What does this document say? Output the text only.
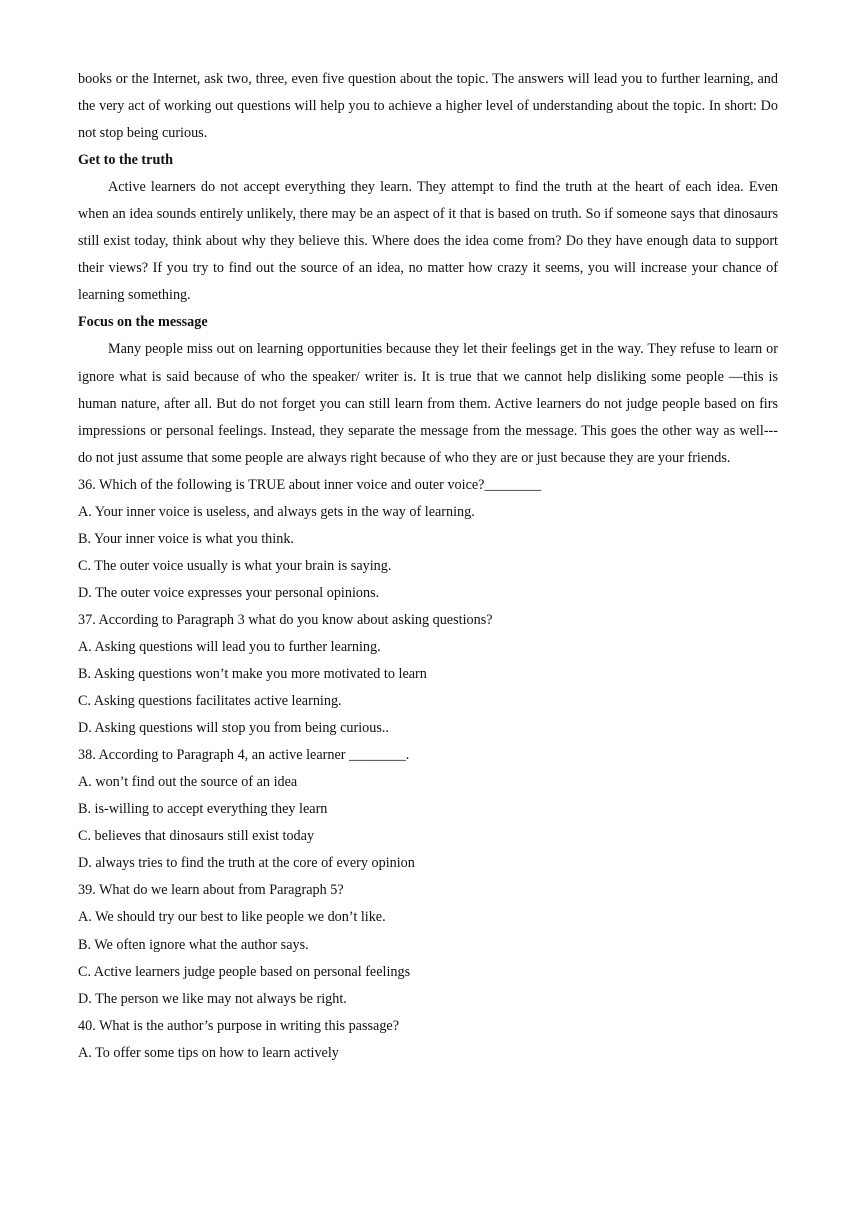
books or the Internet, ask two, three, even five question about the topic. The answers will lead you to further learning, and the very act of working out questions will help you to achieve a higher level of understanding about the topic. In short: Do not stop being curious.

Get to the truth

Active learners do not accept everything they learn. They attempt to find the truth at the heart of each idea. Even when an idea sounds entirely unlikely, there may be an aspect of it that is based on truth. So if someone says that dinosaurs still exist today, think about why they believe this. Where does the idea come from? Do they have enough data to support their views? If you try to find out the source of an idea, no matter how crazy it seems, you will increase your chance of learning something.

Focus on the message

Many people miss out on learning opportunities because they let their feelings get in the way. They refuse to learn or ignore what is said because of who the speaker/ writer is. It is true that we cannot help disliking some people —this is human nature, after all. But do not forget you can still learn from them. Active learners do not judge people based on firs impressions or personal feelings. Instead, they separate the message from the message. This goes the other way as well---do not just assume that some people are always right because of who they are or just because they are your friends.

36. Which of the following is TRUE about inner voice and outer voice?________

A. Your inner voice is useless, and always gets in the way of learning.

B. Your inner voice is what you think.

C. The outer voice usually is what your brain is saying.

D. The outer voice expresses your personal opinions.

37. According to Paragraph 3 what do you know about asking questions?

A. Asking questions will lead you to further learning.

B. Asking questions won’t make you more motivated to learn

C. Asking questions facilitates active learning.

D. Asking questions will stop you from being curious..

38. According to Paragraph 4, an active learner ________.

A. won’t find out the source of an idea

B. is-willing to accept everything they learn

C. believes that dinosaurs still exist today

D. always tries to find the truth at the core of every opinion

39. What do we learn about from Paragraph 5?

A. We should try our best to like people we don’t like.

B. We often ignore what the author says.

C. Active learners judge people based on personal feelings

D. The person we like may not always be right.

40. What is the author’s purpose in writing this passage?

A. To offer some tips on how to learn actively
